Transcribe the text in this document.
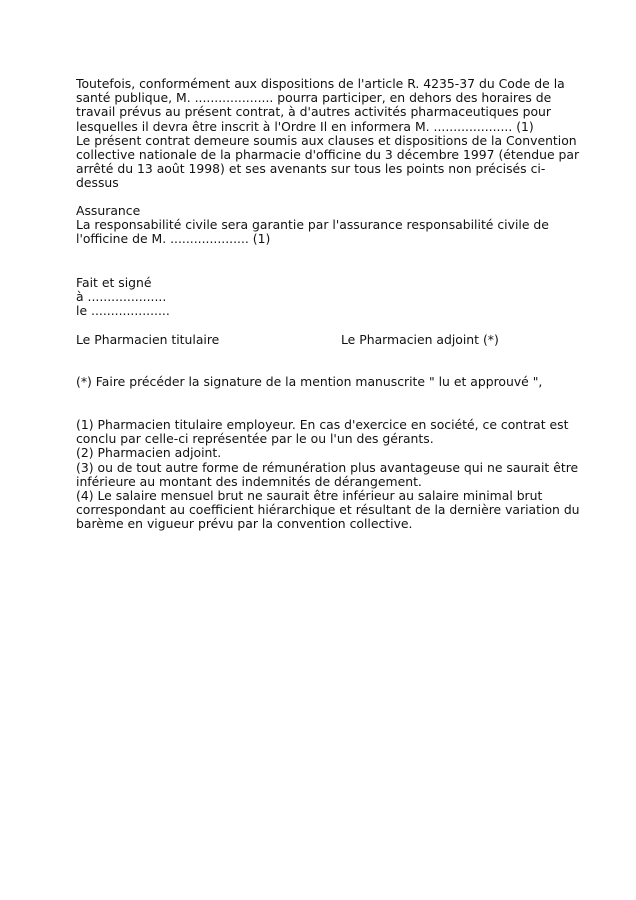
Toutefois, conformément aux dispositions de l'article R. 4235-37 du Code de la
santé publique, M. .................... pourra participer, en dehors des horaires de
travail prévus au présent contrat, à d'autres activités pharmaceutiques pour
lesquelles il devra être inscrit à l'Ordre Il en informera M. .................... (1)
Le présent contrat demeure soumis aux clauses et dispositions de la Convention
collective nationale de la pharmacie d'officine du 3 décembre 1997 (étendue par
arrêté du 13 août 1998) et ses avenants sur tous les points non précisés ci-
dessus
Assurance
La responsabilité civile sera garantie par l'assurance responsabilité civile de
l'officine de M. .................... (1)
Fait et signé
à ....................
le ....................
Le Pharmacien titulaire	Le Pharmacien adjoint (*)
(*) Faire précéder la signature de la mention manuscrite " lu et approuvé ",
(1) Pharmacien titulaire employeur. En cas d'exercice en société, ce contrat est
conclu par celle-ci représentée par le ou l'un des gérants.
(2) Pharmacien adjoint.
(3) ou de tout autre forme de rémunération plus avantageuse qui ne saurait être
inférieure au montant des indemnités de dérangement.
(4) Le salaire mensuel brut ne saurait être inférieur au salaire minimal brut
correspondant au coefficient hiérarchique et résultant de la dernière variation du
barème en vigueur prévu par la convention collective.
